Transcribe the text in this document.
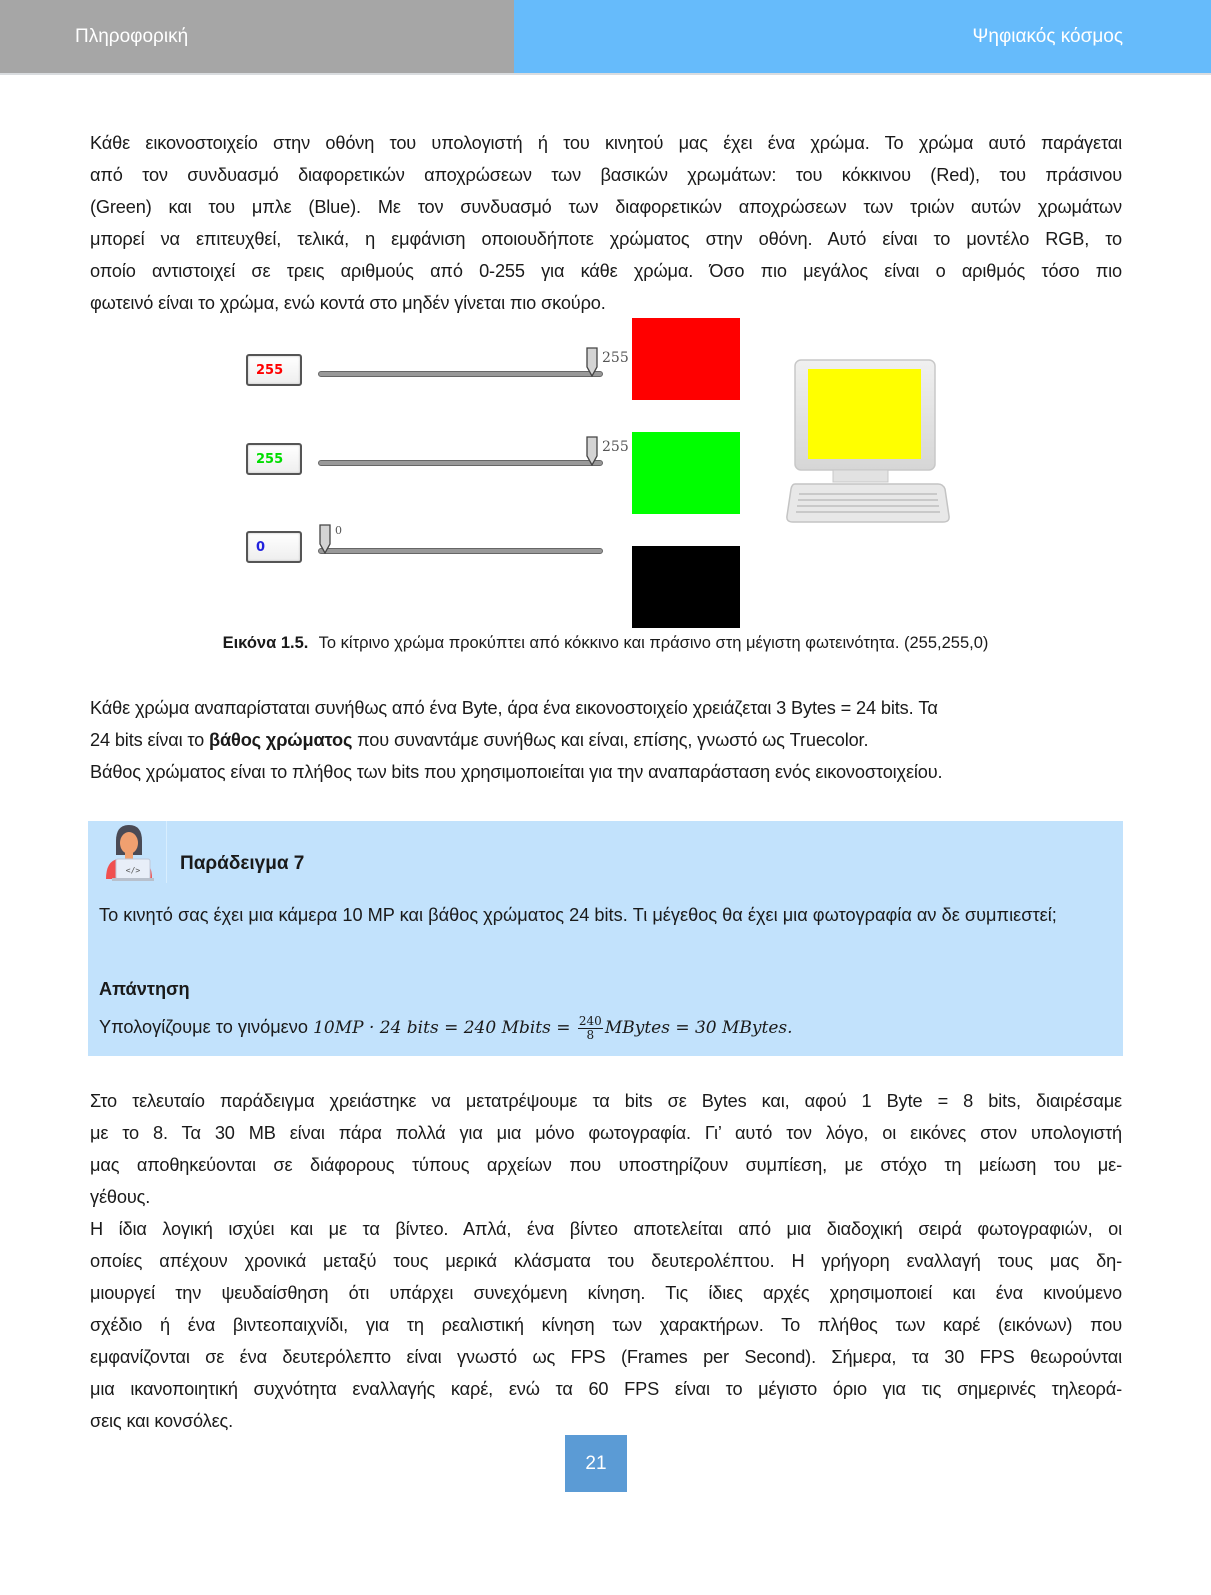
Πληροφορική	Ψηφιακός κόσμος
Κάθε εικονοστοιχείο στην οθόνη του υπολογιστή ή του κινητού μας έχει ένα χρώμα. Το χρώμα αυτό παράγεται
από τον συνδυασμό διαφορετικών αποχρώσεων των βασικών χρωμάτων: του κόκκινου (Red), του πράσινου
(Green) και του μπλε (Blue). Με τον συνδυασμό των διαφορετικών αποχρώσεων των τριών αυτών χρωμάτων
μπορεί να επιτευχθεί, τελικά, η εμφάνιση οποιουδήποτε χρώματος στην οθόνη. Αυτό είναι το μοντέλο RGB, το
οποίο αντιστοιχεί σε τρεις αριθμούς από 0-255 για κάθε χρώμα. Όσο πιο μεγάλος είναι ο αριθμός τόσο πιο
φωτεινό είναι το χρώμα, ενώ κοντά στο μηδέν γίνεται πιο σκούρο.
255
255
255
255
0
0
Εικόνα 1.5. Το κίτρινο χρώμα προκύπτει από κόκκινο και πράσινο στη μέγιστη φωτεινότητα. (255,255,0)
Κάθε χρώμα αναπαρίσταται συνήθως από ένα Byte, άρα ένα εικονοστοιχείο χρειάζεται 3 Bytes = 24 bits. Τα
24 bits είναι το βάθος χρώματος που συναντάμε συνήθως και είναι, επίσης, γνωστό ως Truecolor.
Βάθος χρώματος είναι το πλήθος των bits που χρησιμοποιείται για την αναπαράσταση ενός εικονοστοιχείου.
</> Παράδειγμα 7
Το κινητό σας έχει μια κάμερα 10 MP και βάθος χρώματος 24 bits. Τι μέγεθος θα έχει μια φωτογραφία αν δε συμπιεστεί;
Απάντηση
Υπολογίζουμε το γινόμενο 10MP · 24 bits = 240 Mbits = $\frac{240}{8}$ MBytes = 30 MBytes.
Στο τελευταίο παράδειγμα χρειάστηκε να μετατρέψουμε τα bits σε Bytes και, αφού 1 Byte = 8 bits, διαιρέσαμε
με το 8. Τα 30 MB είναι πάρα πολλά για μια μόνο φωτογραφία. Γι’ αυτό τον λόγο, οι εικόνες στον υπολογιστή
μας αποθηκεύονται σε διάφορους τύπους αρχείων που υποστηρίζουν συμπίεση, με στόχο τη μείωση του με-
γέθους.
Η ίδια λογική ισχύει και με τα βίντεο. Απλά, ένα βίντεο αποτελείται από μια διαδοχική σειρά φωτογραφιών, οι
οποίες απέχουν χρονικά μεταξύ τους μερικά κλάσματα του δευτερολέπτου. Η γρήγορη εναλλαγή τους μας δη-
μιουργεί την ψευδαίσθηση ότι υπάρχει συνεχόμενη κίνηση. Τις ίδιες αρχές χρησιμοποιεί και ένα κινούμενο
σχέδιο ή ένα βιντεοπαιχνίδι, για τη ρεαλιστική κίνηση των χαρακτήρων. Το πλήθος των καρέ (εικόνων) που
εμφανίζονται σε ένα δευτερόλεπτο είναι γνωστό ως FPS (Frames per Second). Σήμερα, τα 30 FPS θεωρούνται
μια ικανοποιητική συχνότητα εναλλαγής καρέ, ενώ τα 60 FPS είναι το μέγιστο όριο για τις σημερινές τηλεορά-
σεις και κονσόλες.
21
